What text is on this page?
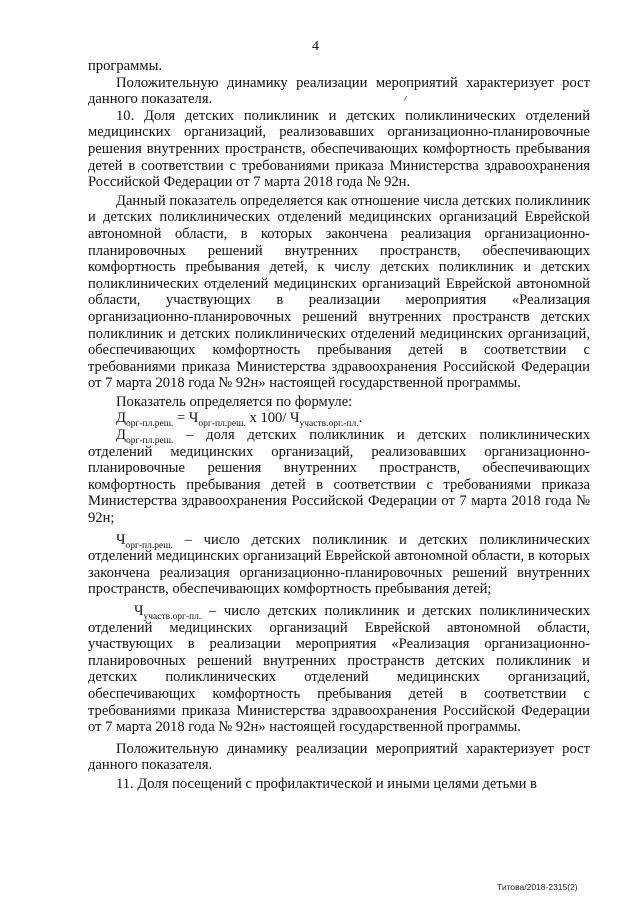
4

программы.

Положительную динамику реализации мероприятий характеризует рост данного показателя.

10. Доля детских поликлиник и детских поликлинических отделений медицинских организаций, реализовавших организационно-планировочные решения внутренних пространств, обеспечивающих комфортность пребывания детей в соответствии с требованиями приказа Министерства здравоохранения Российской Федерации от 7 марта 2018 года № 92н.

Данный показатель определяется как отношение числа детских поликлиник и детских поликлинических отделений медицинских организаций Еврейской автономной области, в которых закончена реализация организационно-планировочных решений внутренних пространств, обеспечивающих комфортность пребывания детей, к числу детских поликлиник и детских поликлинических отделений медицинских организаций Еврейской автономной области, участвующих в реализации мероприятия «Реализация организационно-планировочных решений внутренних пространств детских поликлиник и детских поликлинических отделений медицинских организаций, обеспечивающих комфортность пребывания детей в соответствии с требованиями приказа Министерства здравоохранения Российской Федерации от 7 марта 2018 года № 92н» настоящей государственной программы.

Показатель определяется по формуле:

$Д_{орг-пл.реш.} = Ч_{орг-пл.реш.}$ х 100/ $Ч_{участв.орг.-пл.}$.

$Д_{орг-пл.реш.}$ – доля детских поликлиник и детских поликлинических отделений медицинских организаций, реализовавших организационно-планировочные решения внутренних пространств, обеспечивающих комфортность пребывания детей в соответствии с требованиями приказа Министерства здравоохранения Российской Федерации от 7 марта 2018 года № 92н;

$Ч_{орг-пл.реш.}$ – число детских поликлиник и детских поликлинических отделений медицинских организаций Еврейской автономной области, в которых закончена реализация организационно-планировочных решений внутренних пространств, обеспечивающих комфортность пребывания детей;

$Ч_{участв.орг-пл.}$ – число детских поликлиник и детских поликлинических отделений медицинских организаций Еврейской автономной области, участвующих в реализации мероприятия «Реализация организационно-планировочных решений внутренних пространств детских поликлиник и детских поликлинических отделений медицинских организаций, обеспечивающих комфортность пребывания детей в соответствии с требованиями приказа Министерства здравоохранения Российской Федерации от 7 марта 2018 года № 92н» настоящей государственной программы.

Положительную динамику реализации мероприятий характеризует рост данного показателя.

11. Доля посещений с профилактической и иными целями детьми в

Титова/2018-2315(2)
